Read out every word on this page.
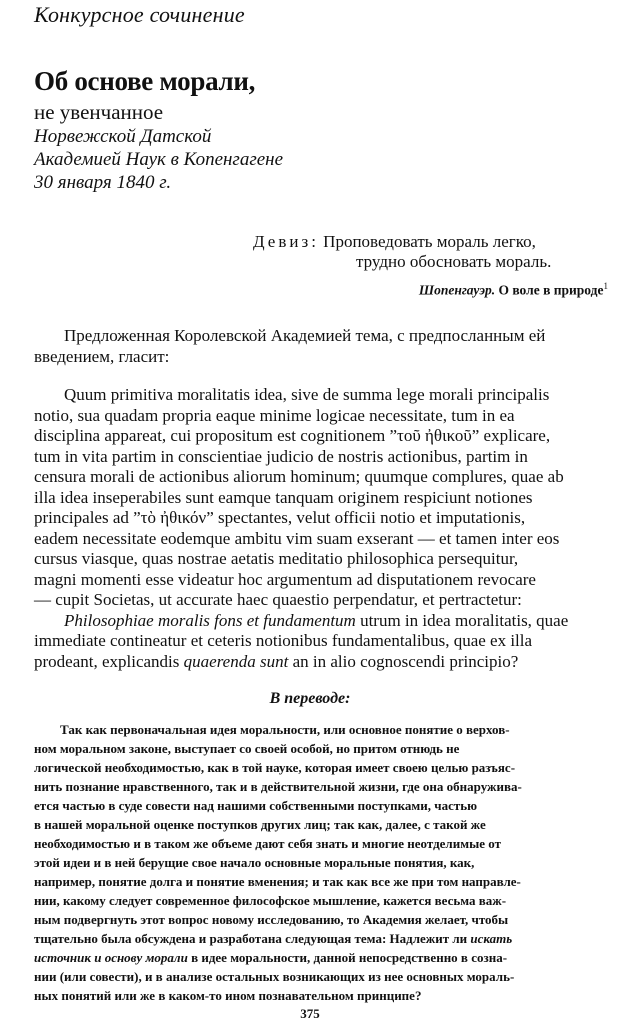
Конкурсное сочинение
Об основе морали,
не увенчанное
Норвежской Датской
Академией Наук в Копенгагене
30 января 1840 г.
Девиз: Проповедовать мораль легко,
трудно обосновать мораль.
Шопенгауэр. О воле в природе$^1$
Предложенная Королевской Академией тема, с предпосланным ей
введением, гласит:
Quum primitiva moralitatis idea, sive de summa lege morali principalis
notio, sua quadam propria eaque minime logicae necessitate, tum in ea
disciplina appareat, cui propositum est cognitionem ”τοῦ ἠθικοῦ” explicare,
tum in vita partim in conscientiae judicio de nostris actionibus, partim in
censura morali de actionibus aliorum hominum; quumque complures, quae ab
illa idea inseperabiles sunt eamque tanquam originem respiciunt notiones
principales ad ”τὸ ἠθικόν” spectantes, velut officii notio et imputationis,
eadem necessitate eodemque ambitu vim suam exserant — et tamen inter eos
cursus viasque, quas nostrae aetatis meditatio philosophica persequitur,
magni momenti esse videatur hoc argumentum ad disputationem revocare
— cupit Societas, ut accurate haec quaestio perpendatur, et pertractetur:
Philosophiae moralis fons et fundamentum utrum in idea moralitatis, quae
immediate contineatur et ceteris notionibus fundamentalibus, quae ex illa
prodeant, explicandis quaerenda sunt an in alio cognoscendi principio?
В переводе:
Так как первоначальная идея моральности, или основное понятие о верхов-
ном моральном законе, выступает со своей особой, но притом отнюдь не
логической необходимостью, как в той науке, которая имеет своею целью разъяс-
нить познание нравственного, так и в действительной жизни, где она обнаружива-
ется частью в суде совести над нашими собственными поступками, частью
в нашей моральной оценке поступков других лиц; так как, далее, с такой же
необходимостью и в таком же объеме дают себя знать и многие неотделимые от
этой идеи и в ней берущие свое начало основные моральные понятия, как,
например, понятие долга и понятие вменения; и так как все же при том направле-
нии, какому следует современное философское мышление, кажется весьма важ-
ным подвергнуть этот вопрос новому исследованию, то Академия желает, чтобы
тщательно была обсуждена и разработана следующая тема: Надлежит ли искать
источник и основу морали в идее моральности, данной непосредственно в созна-
нии (или совести), и в анализе остальных возникающих из нее основных мораль-
ных понятий или же в каком-то ином познавательном принципе?
375
